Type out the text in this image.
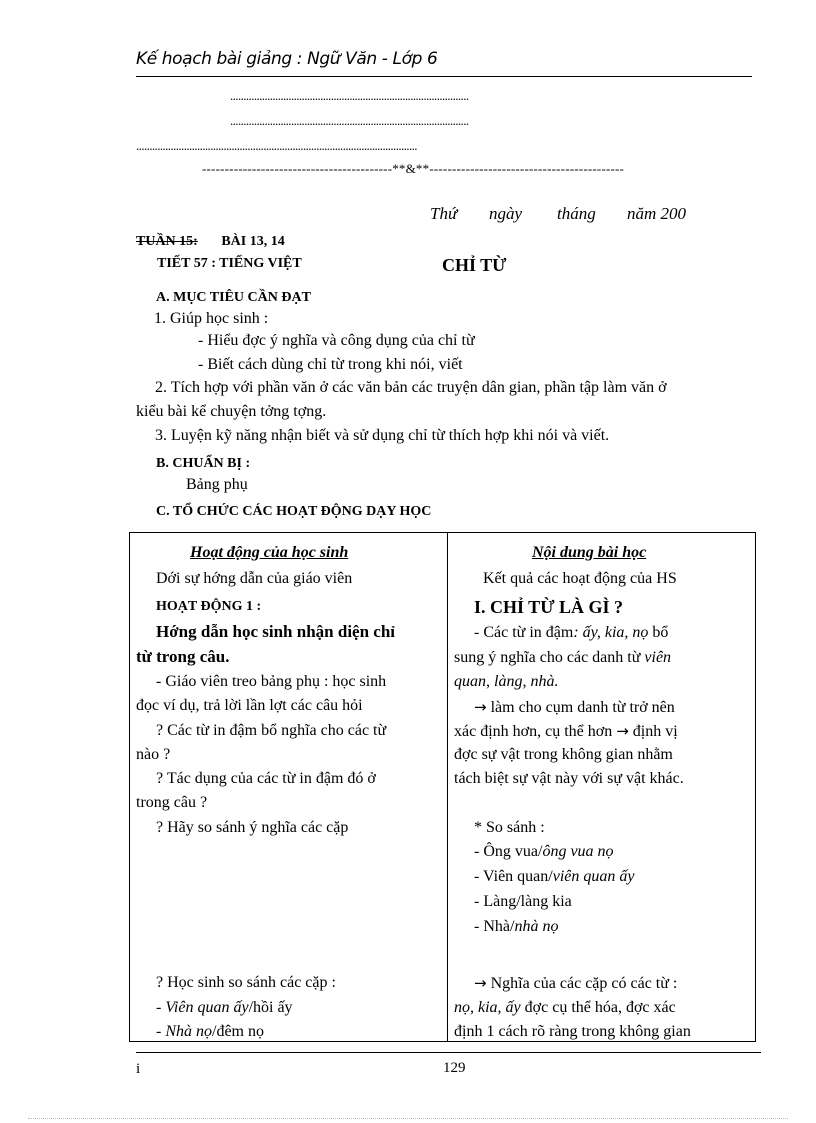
Kế hoạch bài giảng : Ngữ Văn - Lớp 6
..........................................................................................
..........................................................................................
..........................................................................................................
------------------------------------------**&**-------------------------------------------
Thứ ngày tháng năm 200
TUẦN 15: BÀI 13, 14
TIẾT 57 : TIẾNG VIỆT	CHỈ TỪ
A. MỤC TIÊU CẦN ĐẠT
1. Giúp học sinh :
- Hiểu đợc ý nghĩa và công dụng của chỉ từ
- Biết cách dùng chỉ từ trong khi nói, viết
2. Tích hợp với phần văn ở các văn bản các truyện dân gian, phần tập làm văn ở
kiểu bài kể chuyện tởng tợng.
3. Luyện kỹ năng nhận biết và sử dụng chỉ từ thích hợp khi nói và viết.
B. CHUẨN BỊ :
Bảng phụ
C. TỔ CHỨC CÁC HOẠT ĐỘNG DẠY HỌC
Hoạt động của học sinh
Dới sự hớng dẫn của giáo viên
HOẠT ĐỘNG 1 :
Hớng dẫn học sinh nhận diện chỉ
từ trong câu.
- Giáo viên treo bảng phụ : học sinh
đọc ví dụ, trả lời lần lợt các câu hỏi
? Các từ in đậm bổ nghĩa cho các từ
nào ?
? Tác dụng của các từ in đậm đó ở
trong câu ?
? Hãy so sánh ý nghĩa các cặp
? Học sinh so sánh các cặp :
- Viên quan ấy/hồi ấy
- Nhà nọ/đêm nọ
Nội dung bài học
Kết quả các hoạt động của HS
I. CHỈ TỪ LÀ GÌ ?
- Các từ in đậm: ấy, kia, nọ bổ
sung ý nghĩa cho các danh từ viên
quan, làng, nhà.
→ làm cho cụm danh từ trở nên
xác định hơn, cụ thể hơn → định vị
đợc sự vật trong không gian nhằm
tách biệt sự vật này với sự vật khác.
* So sánh :
- Ông vua/ông vua nọ
- Viên quan/viên quan ấy
- Làng/làng kia
- Nhà/nhà nọ
→ Nghĩa của các cặp có các từ :
nọ, kia, ấy đợc cụ thể hóa, đợc xác
định 1 cách rõ ràng trong không gian
i	129
